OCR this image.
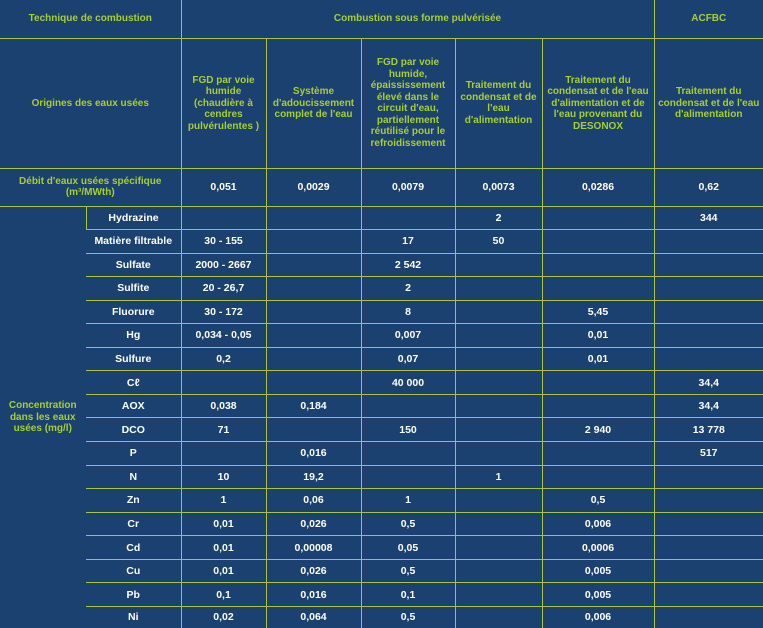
Technique de combustion		Combustion sous forme pulvérisée					ACFBC
Origines des eaux usées		FGD par voie humide (chaudière à cendres pulvérulentes )	Système d'adoucissement complet de l'eau	FGD par voie humide, épaississement élevé dans le circuit d'eau, partiellement réutilisé pour le refroidissement	Traitement du condensat et de l'eau d'alimentation	Traitement du condensat et de l'eau d'alimentation et de l'eau provenant du DESONOX	Traitement du condensat et de l'eau d'alimentation
Débit d'eaux usées spécifique (m³/MWth)		0,051	0,0029	0,0079	0,0073	0,0286	0,62
Concentration dans les eaux usées (mg/l)	Hydrazine				2		344
	Matière filtrable	30 - 155		17	50		
	Sulfate	2000 - 2667		2 542			
	Sulfite	20 - 26,7		2			
	Fluorure	30 - 172		8		5,45	
	Hg	0,034 - 0,05		0,007		0,01	
	Sulfure	0,2		0,07		0,01	
	Cℓ			40 000			34,4
	AOX	0,038	0,184				34,4
	DCO	71		150		2 940	13 778
	P		0,016				517
	N	10	19,2		1		
	Zn	1	0,06	1		0,5	
	Cr	0,01	0,026	0,5		0,006	
	Cd	0,01	0,00008	0,05		0,0006	
	Cu	0,01	0,026	0,5		0,005	
	Pb	0,1	0,016	0,1		0,005	
	Ni	0,02	0,064	0,5		0,006	
